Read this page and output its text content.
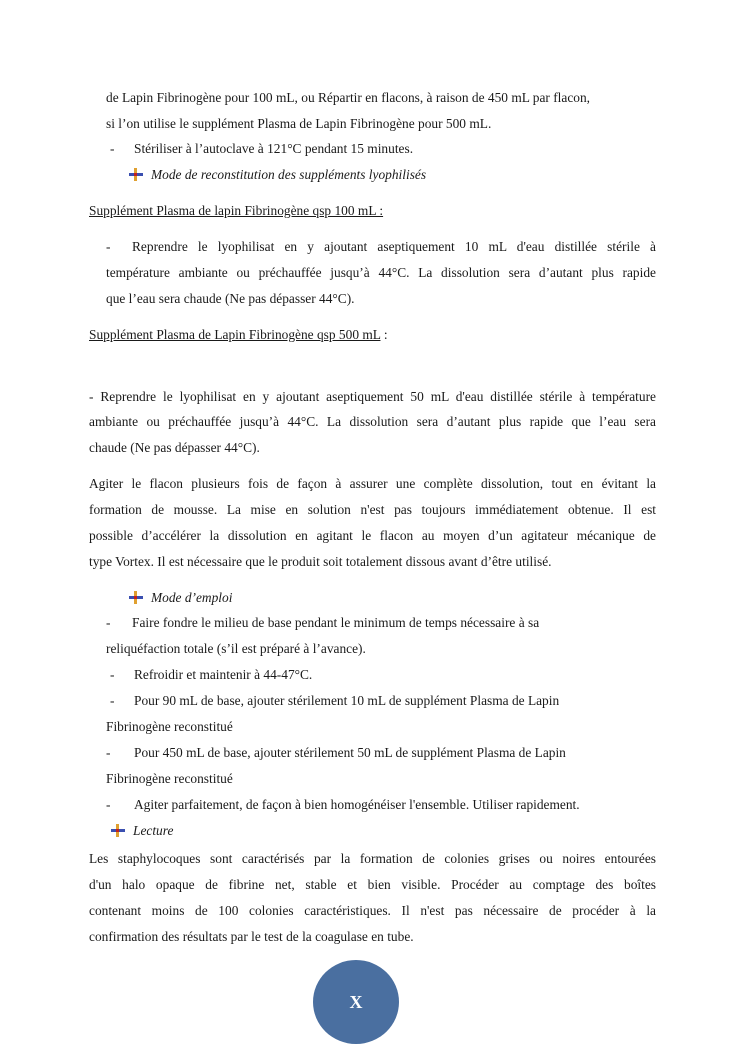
de Lapin Fibrinogène pour 100 mL, ou Répartir en flacons, à raison de 450 mL par flacon,
si l’on utilise le supplément Plasma de Lapin Fibrinogène pour 500 mL.
- Stériliser à l’autoclave à 121°C pendant 15 minutes.
Mode de reconstitution des suppléments lyophilisés
Supplément Plasma de lapin Fibrinogène qsp 100 mL :
- Reprendre le lyophilisat en y ajoutant aseptiquement 10 mL d'eau distillée stérile à
température ambiante ou préchauffée jusqu’à 44°C. La dissolution sera d’autant plus rapide
que l’eau sera chaude (Ne pas dépasser 44°C).
Supplément Plasma de Lapin Fibrinogène qsp 500 mL :
- Reprendre le lyophilisat en y ajoutant aseptiquement 50 mL d'eau distillée stérile à température
ambiante ou préchauffée jusqu’à 44°C. La dissolution sera d’autant plus rapide que l’eau sera
chaude (Ne pas dépasser 44°C).
Agiter le flacon plusieurs fois de façon à assurer une complète dissolution, tout en évitant la
formation de mousse. La mise en solution n'est pas toujours immédiatement obtenue. Il est
possible d’accélérer la dissolution en agitant le flacon au moyen d’un agitateur mécanique de
type Vortex. Il est nécessaire que le produit soit totalement dissous avant d’être utilisé.
Mode d’emploi
- Faire fondre le milieu de base pendant le minimum de temps nécessaire à sa
reliquéfaction totale (s’il est préparé à l’avance).
- Refroidir et maintenir à 44-47°C.
- Pour 90 mL de base, ajouter stérilement 10 mL de supplément Plasma de Lapin
Fibrinogène reconstitué
- Pour 450 mL de base, ajouter stérilement 50 mL de supplément Plasma de Lapin
Fibrinogène reconstitué
- Agiter parfaitement, de façon à bien homogénéiser l'ensemble. Utiliser rapidement.
Lecture
Les staphylocoques sont caractérisés par la formation de colonies grises ou noires entourées
d'un halo opaque de fibrine net, stable et bien visible. Procéder au comptage des boîtes
contenant moins de 100 colonies caractéristiques. Il n'est pas nécessaire de procéder à la
confirmation des résultats par le test de la coagulase en tube.
X
